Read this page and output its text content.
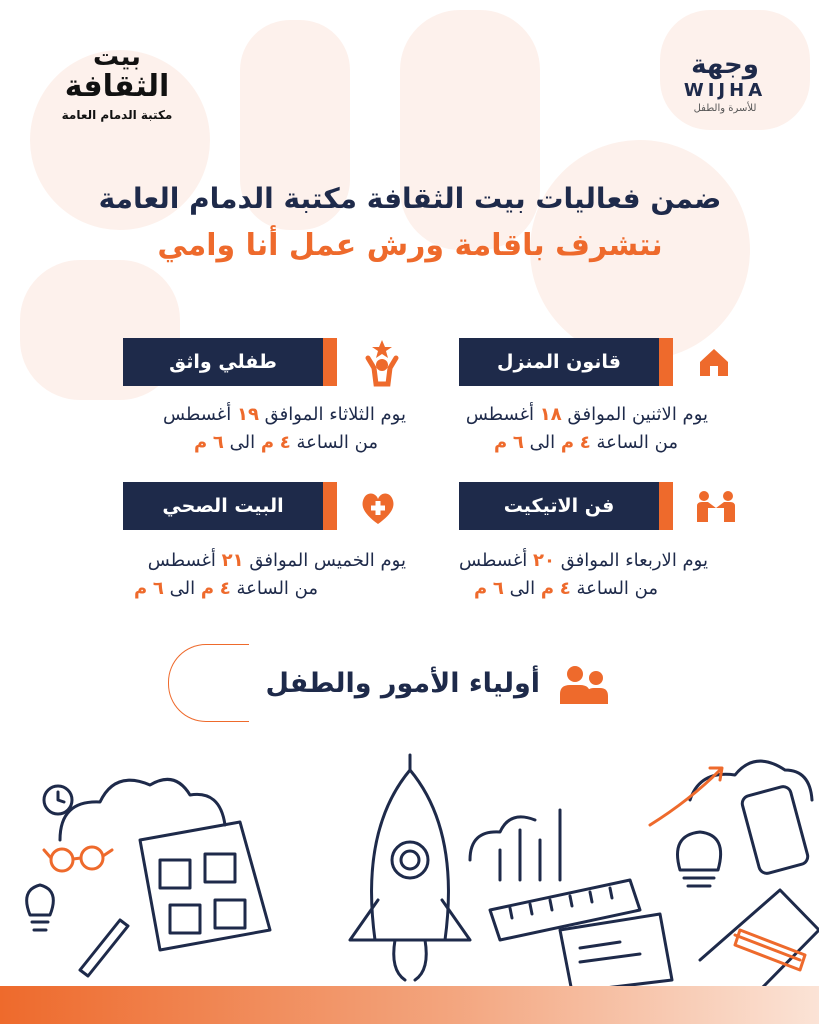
بيت
الثقافة
مكتبة الدمام العامة
وجهة
WIJHA
للأسرة والطفل
ضمن فعاليات بيت الثقافة مكتبة الدمام العامة
نتشرف باقامة ورش عمل أنا وامي
قانون المنزل
يوم الاثنين الموافق ١٨ أغسطس
من الساعة ٤ م الى ٦ م
طفلي واثق
يوم الثلاثاء الموافق ١٩ أغسطس
من الساعة ٤ م الى ٦ م
فن الاتيكيت
يوم الاربعاء الموافق ٢٠ أغسطس
من الساعة ٤ م الى ٦ م
البيت الصحي
يوم الخميس الموافق ٢١ أغسطس
من الساعة ٤ م الى ٦ م
أولياء الأمور والطفل
